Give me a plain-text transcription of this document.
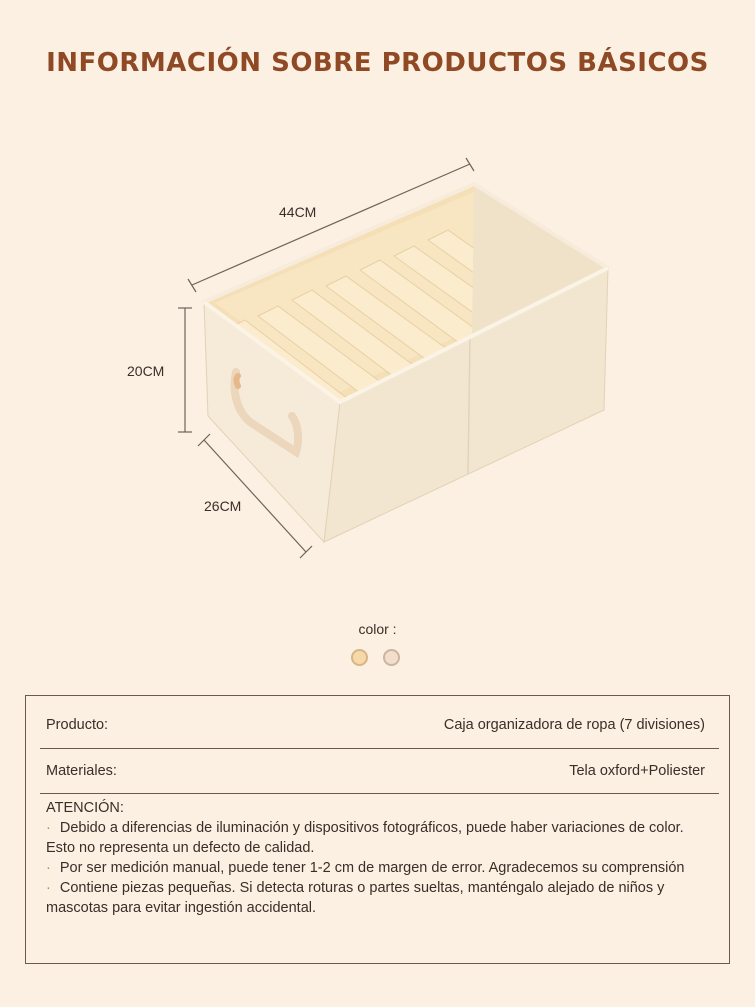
INFORMACIÓN SOBRE PRODUCTOS BÁSICOS
44CM
20CM
26CM
color :
Producto:	Caja organizadora de ropa (7 divisiones)
Materiales:	Tela oxford+Poliester
ATENCIÓN:
· Debido a diferencias de iluminación y dispositivos fotográficos, puede haber variaciones de color. Esto no representa un defecto de calidad.
· Por ser medición manual, puede tener 1-2 cm de margen de error. Agradecemos su comprensión
· Contiene piezas pequeñas. Si detecta roturas o partes sueltas, manténgalo alejado de niños y mascotas para evitar ingestión accidental.
